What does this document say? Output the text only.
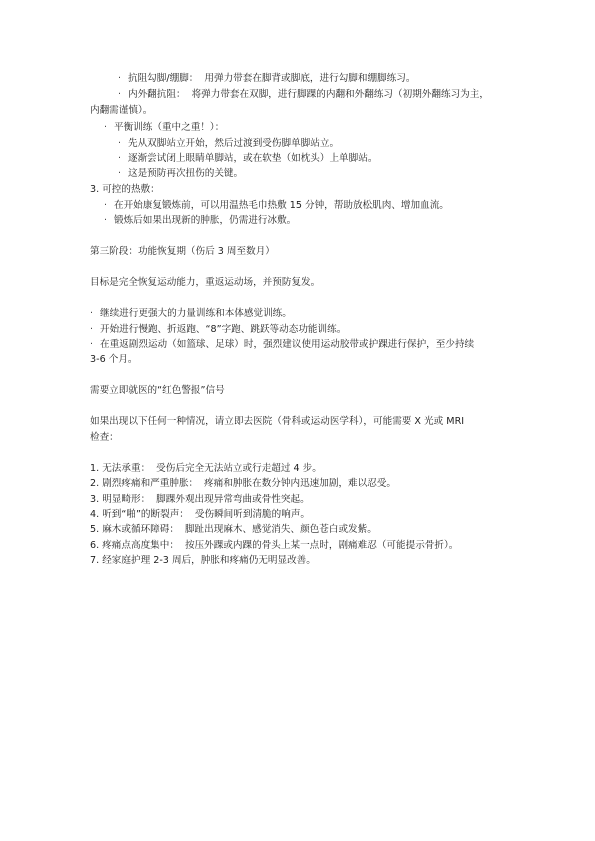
· 抗阻勾脚/绷脚： 用弹力带套在脚背或脚底，进行勾脚和绷脚练习。
· 内外翻抗阻： 将弹力带套在双脚，进行脚踝的内翻和外翻练习（初期外翻练习为主，
内翻需谨慎）。
· 平衡训练（重中之重！）：
· 先从双脚站立开始，然后过渡到受伤脚单脚站立。
· 逐渐尝试闭上眼睛单脚站，或在软垫（如枕头）上单脚站。
· 这是预防再次扭伤的关键。
3. 可控的热敷：
· 在开始康复锻炼前，可以用温热毛巾热敷 15 分钟，帮助放松肌肉、增加血流。
· 锻炼后如果出现新的肿胀，仍需进行冰敷。
第三阶段：功能恢复期（伤后 3 周至数月）
目标是完全恢复运动能力，重返运动场，并预防复发。
· 继续进行更强大的力量训练和本体感觉训练。
· 开始进行慢跑、折返跑、“8”字跑、跳跃等动态功能训练。
· 在重返剧烈运动（如篮球、足球）时，强烈建议使用运动胶带或护踝进行保护，至少持续
3-6 个月。
需要立即就医的“红色警报”信号
如果出现以下任何一种情况，请立即去医院（骨科或运动医学科），可能需要 X 光或 MRI
检查：
1. 无法承重： 受伤后完全无法站立或行走超过 4 步。
2. 剧烈疼痛和严重肿胀： 疼痛和肿胀在数分钟内迅速加剧，难以忍受。
3. 明显畸形： 脚踝外观出现异常弯曲或骨性突起。
4. 听到“啪”的断裂声： 受伤瞬间听到清脆的响声。
5. 麻木或循环障碍： 脚趾出现麻木、感觉消失、颜色苍白或发紫。
6. 疼痛点高度集中： 按压外踝或内踝的骨头上某一点时，剧痛难忍（可能提示骨折）。
7. 经家庭护理 2-3 周后，肿胀和疼痛仍无明显改善。
